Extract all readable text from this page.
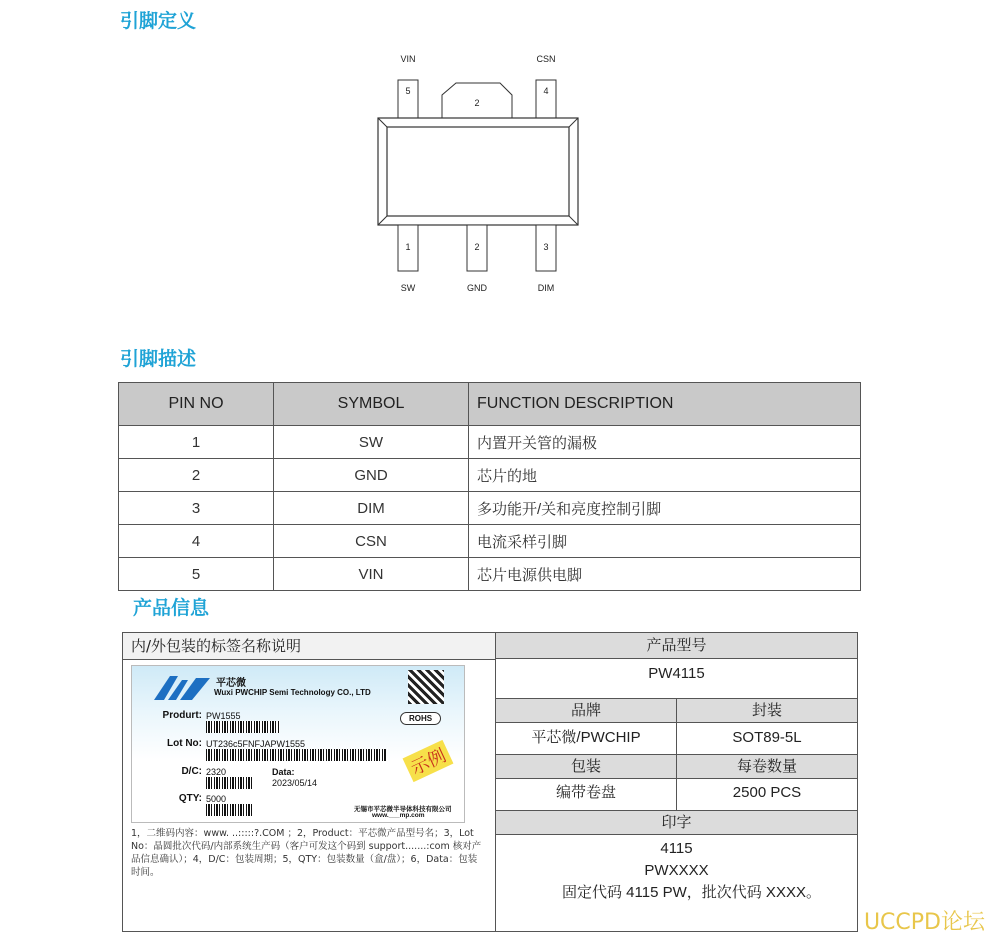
引脚定义
引脚描述
产品信息
VIN	CSN
5
2
4
1	2	3
SW	GND	DIM
PIN NO	SYMBOL	FUNCTION DESCRIPTION
1	SW	内置开关管的漏极
2	GND	芯片的地
3	DIM	多功能开/关和亮度控制引脚
4	CSN	电流采样引脚
5	VIN	芯片电源供电脚
内/外包装的标签名称说明
平芯微
Wuxi PWCHIP Semi Technology CO., LTD
Produrt: PW1555
Lot No: UT236c5FNFJAPW1555
D/C: 2320	Data:
2023/05/14
QTY: 5000
ROHS
示例
无锡市平芯微半导体科技有限公司
www.___mp.com
1，二维码内容：www. ..:::::?.COM ；2，Product：平芯微产品型号名；3，Lot No：晶圆批次代码/内部系统生产码（客户可发这个码到 support.......:com 核对产品信息确认）；4，D/C：包装周期；5，QTY：包装数量（盒/盘）；6，Data：包装时间。
产品型号
PW4115
品牌	封装
平芯微/PWCHIP	SOT89-5L
包装	每卷数量
编带卷盘	2500 PCS
印字
4115
PWXXXX
固定代码 4115 PW，批次代码 XXXX。
UCCPD论坛
